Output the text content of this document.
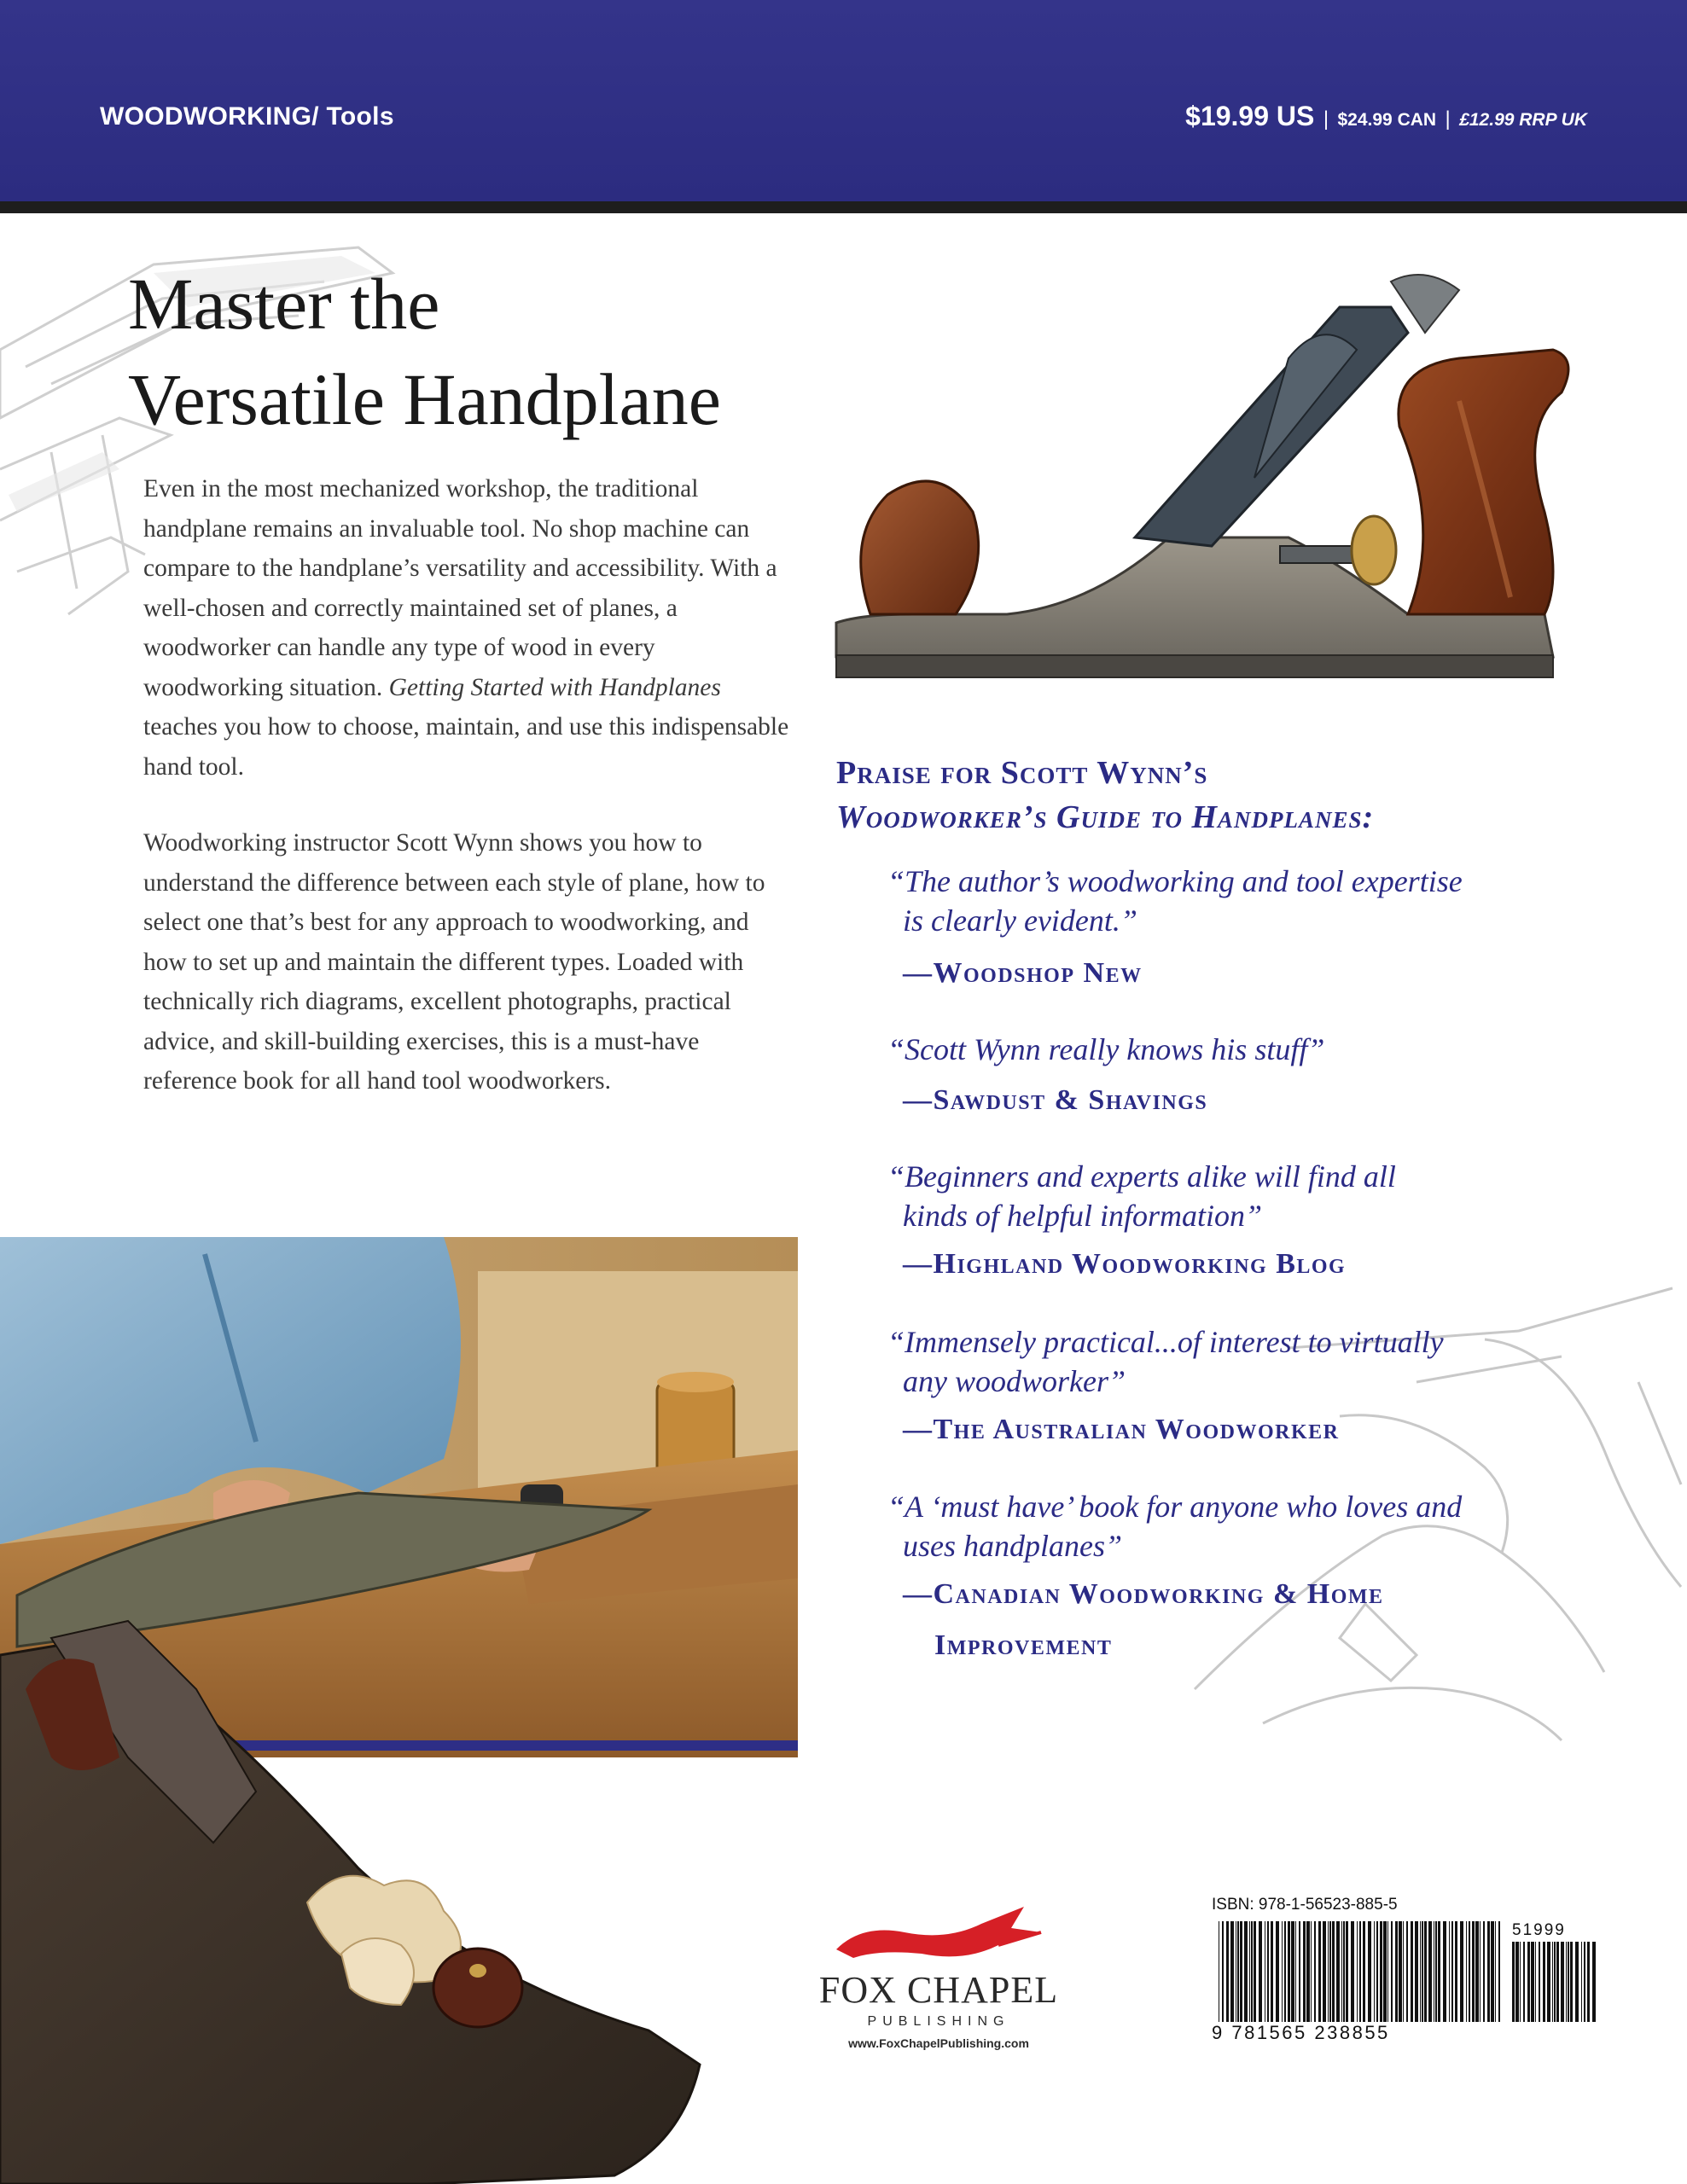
WOODWORKING/ Tools	$19.99 US | $24.99 CAN | £12.99 RRP UK
Master the
Versatile Handplane
Even in the most mechanized workshop, the traditional handplane remains an invaluable tool. No shop machine can compare to the handplane’s versatility and accessibility. With a well-chosen and correctly maintained set of planes, a woodworker can handle any type of wood in every woodworking situation. Getting Started with Handplanes teaches you how to choose, maintain, and use this indispensable hand tool.
Woodworking instructor Scott Wynn shows you how to understand the difference between each style of plane, how to select one that’s best for any approach to woodworking, and how to set up and maintain the different types. Loaded with technically rich diagrams, excellent photographs, practical advice, and skill-building exercises, this is a must-have reference book for all hand tool woodworkers.
Praise for Scott Wynn’s
Woodworker’s Guide to Handplanes:
“The author’s woodworking and tool expertise
is clearly evident.”
—Woodshop New
“Scott Wynn really knows his stuff”
—Sawdust & Shavings
“Beginners and experts alike will find all
kinds of helpful information”
—Highland Woodworking Blog
“Immensely practical...of interest to virtually
any woodworker”
—The Australian Woodworker
“A ‘must have’ book for anyone who loves and
uses handplanes”
—Canadian Woodworking & Home
Improvement
FOX CHAPEL
PUBLISHING
www.FoxChapelPublishing.com
ISBN: 978-1-56523-885-5
51999
9 781565 238855
